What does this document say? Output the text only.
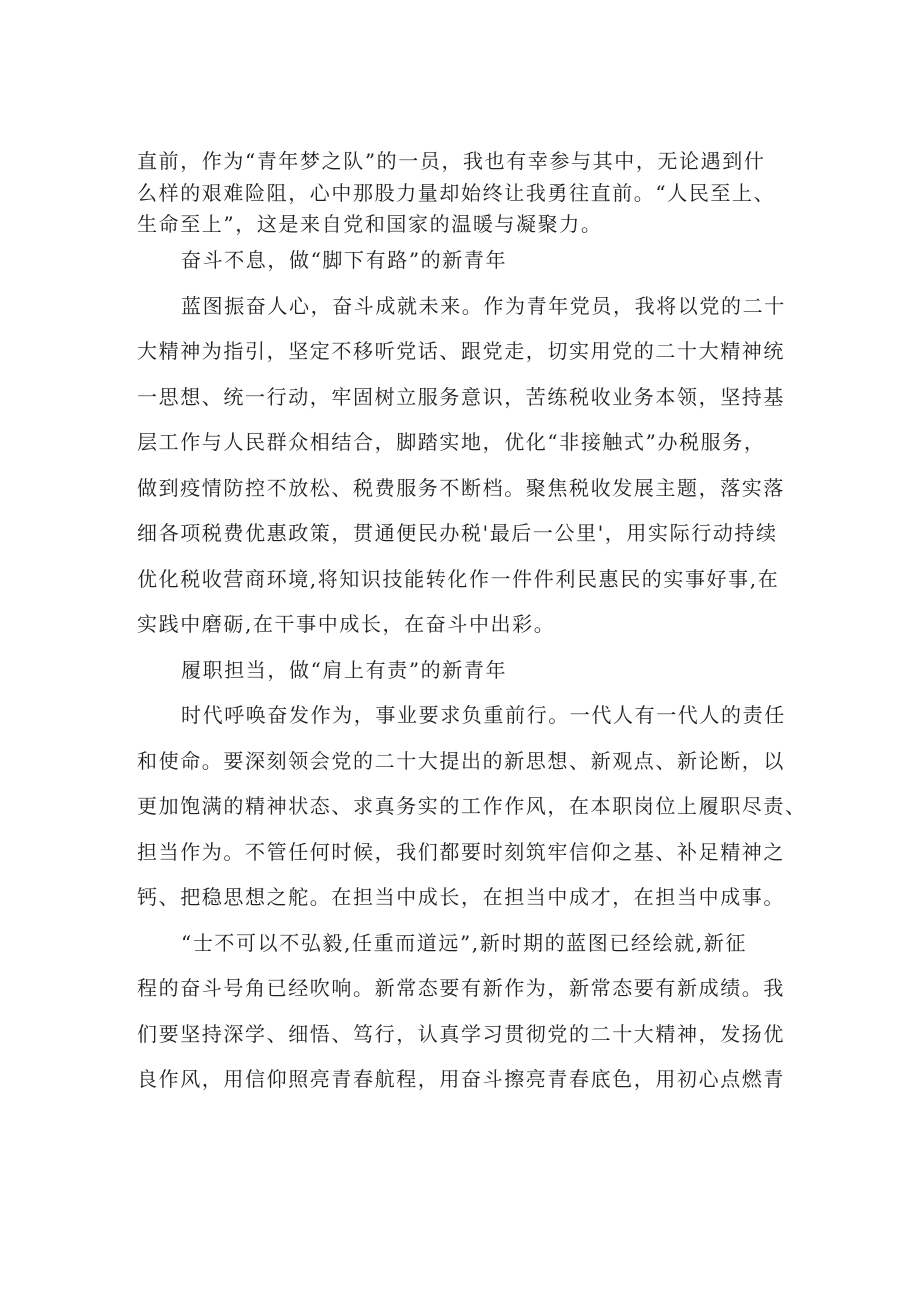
直前，作为“青年梦之队”的一员，我也有幸参与其中，无论遇到什
么样的艰难险阻，心中那股力量却始终让我勇往直前。“人民至上、
生命至上”，这是来自党和国家的温暖与凝聚力。
奋斗不息，做“脚下有路”的新青年
蓝图振奋人心，奋斗成就未来。作为青年党员，我将以党的二十
大精神为指引，坚定不移听党话、跟党走，切实用党的二十大精神统
一思想、统一行动，牢固树立服务意识，苦练税收业务本领，坚持基
层工作与人民群众相结合，脚踏实地，优化“非接触式”办税服务，
做到疫情防控不放松、税费服务不断档。聚焦税收发展主题，落实落
细各项税费优惠政策，贯通便民办税'最后一公里'，用实际行动持续
优化税收营商环境,将知识技能转化作一件件利民惠民的实事好事,在
实践中磨砺,在干事中成长，在奋斗中出彩。
履职担当，做“肩上有责”的新青年
时代呼唤奋发作为，事业要求负重前行。一代人有一代人的责任
和使命。要深刻领会党的二十大提出的新思想、新观点、新论断，以
更加饱满的精神状态、求真务实的工作作风，在本职岗位上履职尽责、
担当作为。不管任何时候，我们都要时刻筑牢信仰之基、补足精神之
钙、把稳思想之舵。在担当中成长，在担当中成才，在担当中成事。
“士不可以不弘毅,任重而道远”,新时期的蓝图已经绘就,新征
程的奋斗号角已经吹响。新常态要有新作为，新常态要有新成绩。我
们要坚持深学、细悟、笃行，认真学习贯彻党的二十大精神，发扬优
良作风，用信仰照亮青春航程，用奋斗擦亮青春底色，用初心点燃青
